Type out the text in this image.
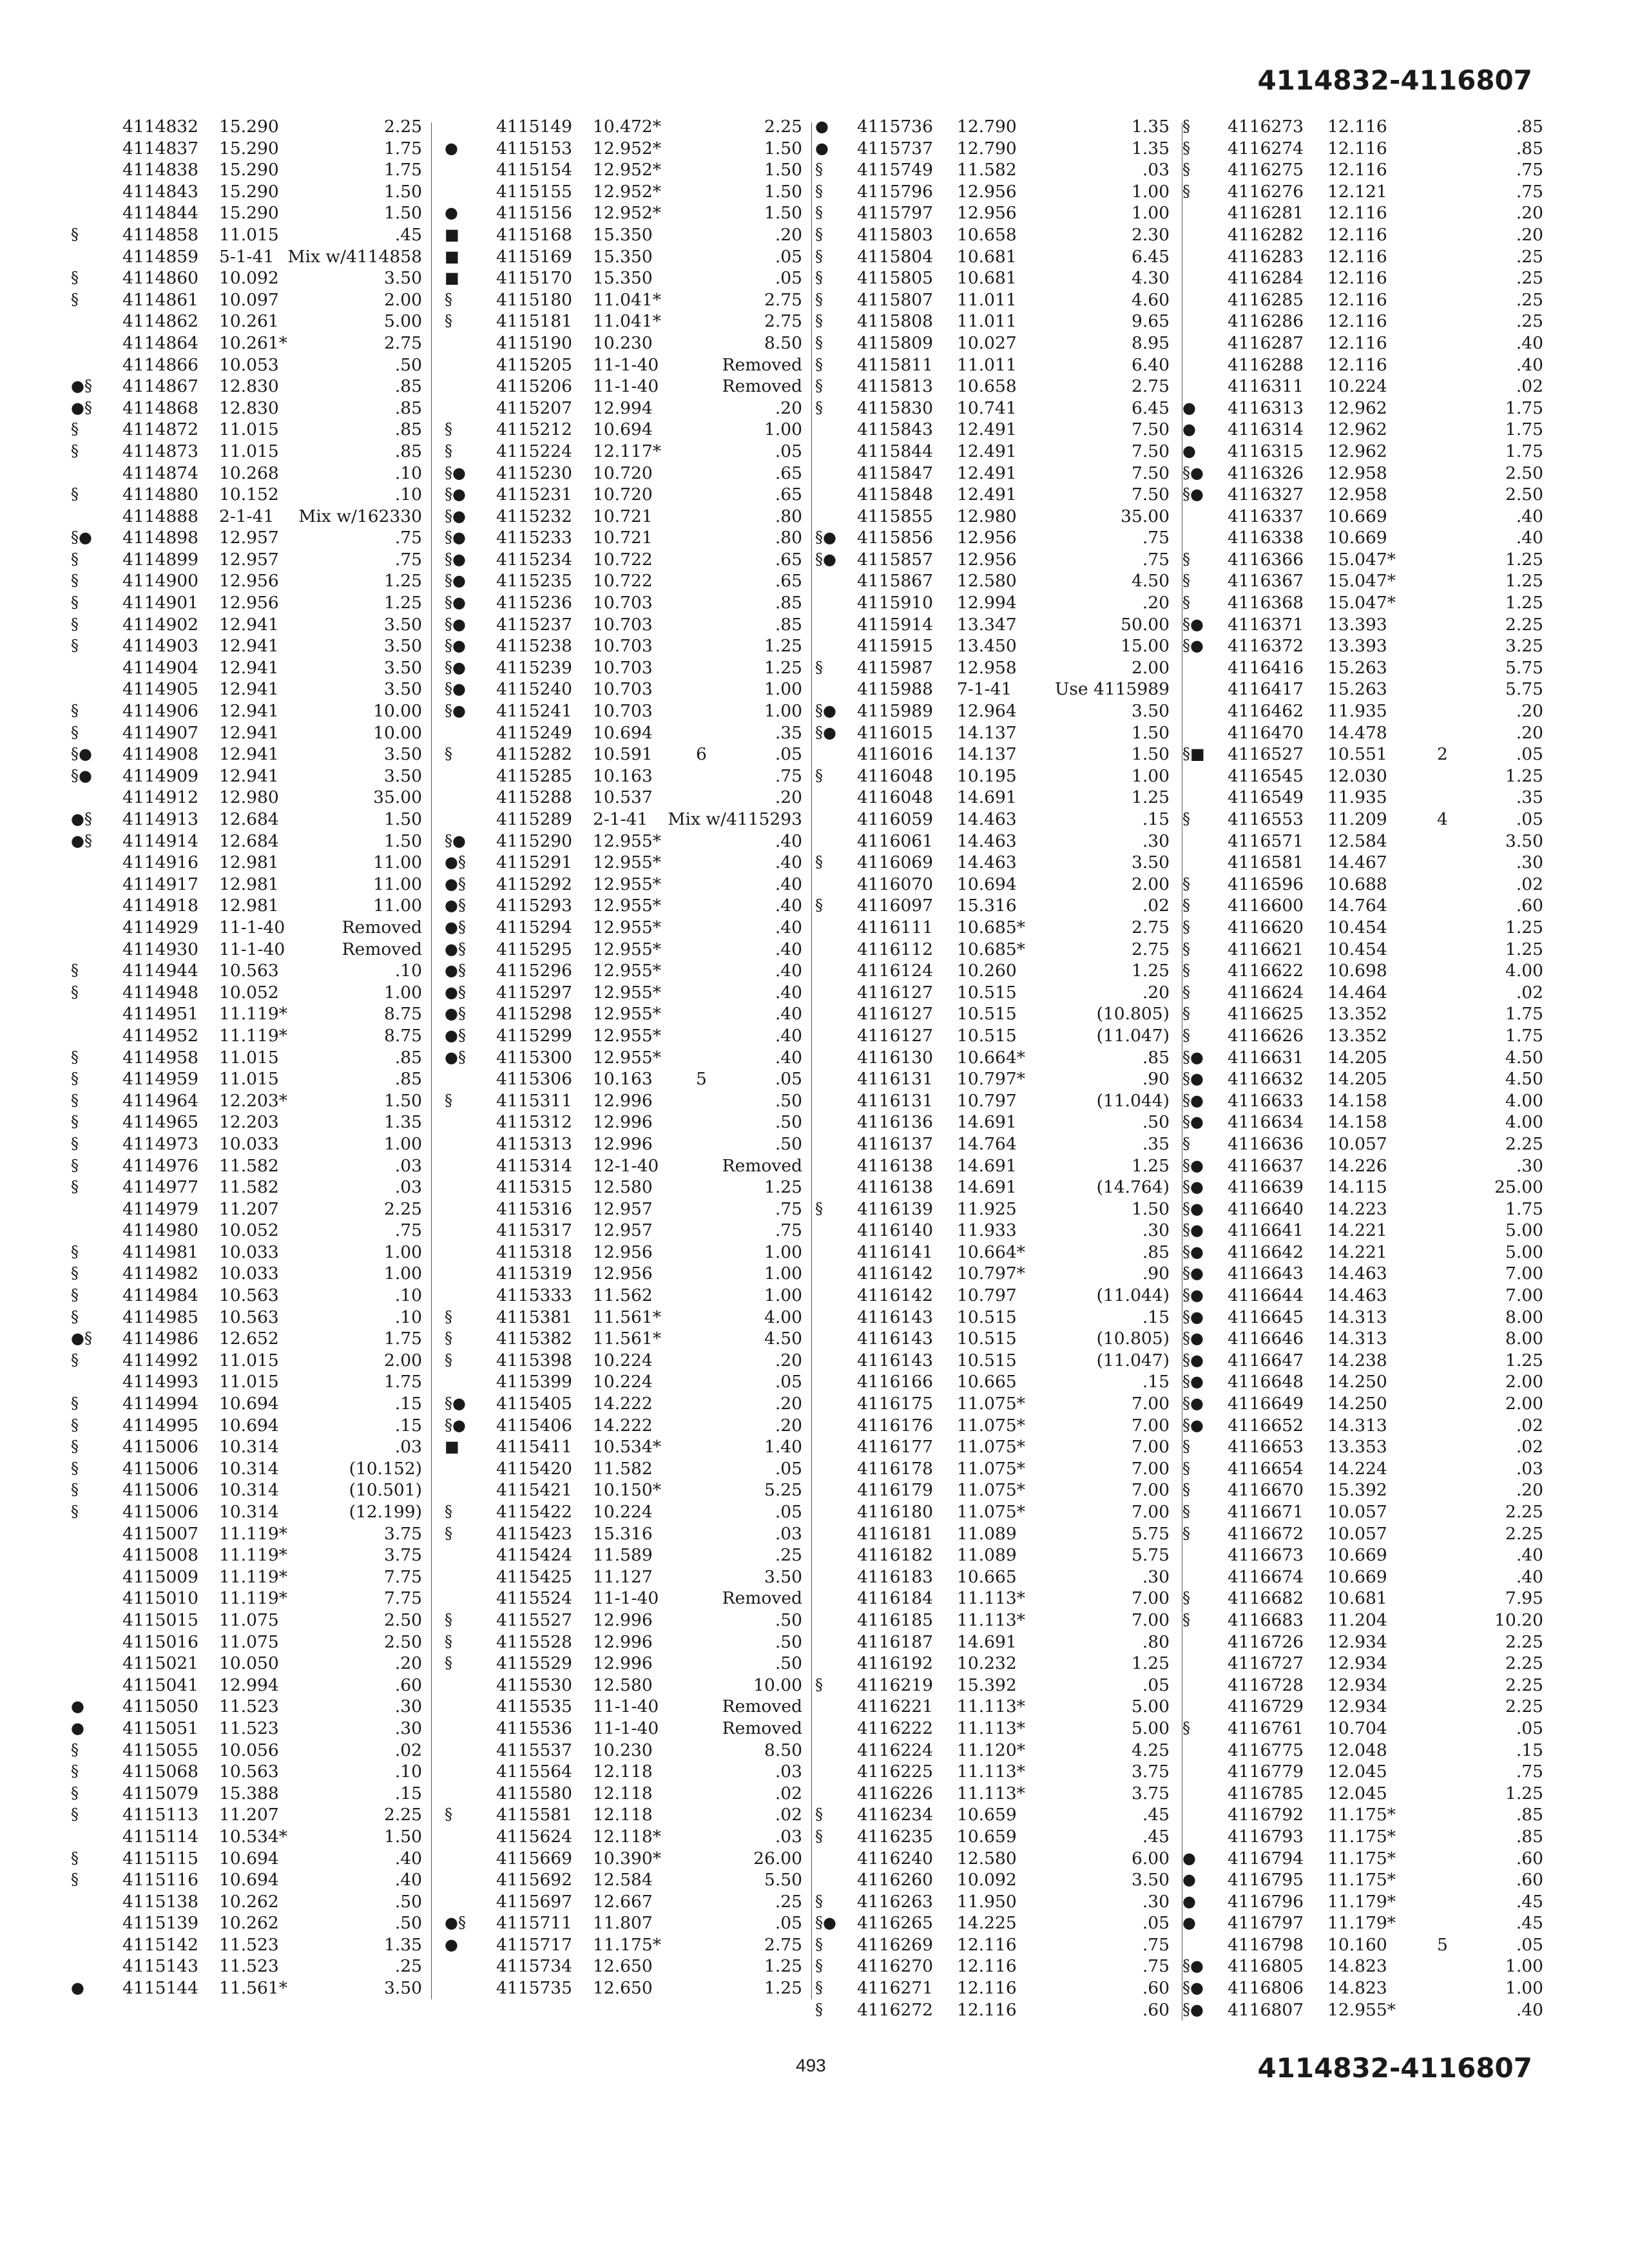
4114832-4116807
4114832 15.290	2.25
4114837 15.290	1.75
4114838 15.290	1.75
4114843 15.290	1.50
4114844 15.290	1.50
§	4114858 11.015	.45
4114859 5-1-41 Mix w/4114858
§	4114860 10.092	3.50
§	4114861 10.097	2.00
4114862 10.261	5.00
4114864 10.261*	2.75
4114866 10.053	.50
●§	4114867 12.830	.85
●§	4114868 12.830	.85
§	4114872 11.015	.85
§	4114873 11.015	.85
4114874 10.268	.10
§	4114880 10.152	.10
4114888 2-1-41 Mix w/162330
§●	4114898 12.957	.75
§	4114899 12.957	.75
§	4114900 12.956	1.25
§	4114901 12.956	1.25
§	4114902 12.941	3.50
§	4114903 12.941	3.50
4114904 12.941	3.50
4114905 12.941	3.50
§	4114906 12.941	10.00
§	4114907 12.941	10.00
§●	4114908 12.941	3.50
§●	4114909 12.941	3.50
4114912 12.980	35.00
●§	4114913 12.684	1.50
●§	4114914 12.684	1.50
4114916 12.981	11.00
4114917 12.981	11.00
4114918 12.981	11.00
4114929 11-1-40	Removed
4114930 11-1-40	Removed
§	4114944 10.563	.10
§	4114948 10.052	1.00
4114951 11.119*	8.75
4114952 11.119*	8.75
§	4114958 11.015	.85
§	4114959 11.015	.85
§	4114964 12.203*	1.50
§	4114965 12.203	1.35
§	4114973 10.033	1.00
§	4114976 11.582	.03
§	4114977 11.582	.03
4114979 11.207	2.25
4114980 10.052	.75
§	4114981 10.033	1.00
§	4114982 10.033	1.00
§	4114984 10.563	.10
§	4114985 10.563	.10
●§	4114986 12.652	1.75
§	4114992 11.015	2.00
4114993 11.015	1.75
§	4114994 10.694	.15
§	4114995 10.694	.15
§	4115006 10.314	.03
§	4115006 10.314	(10.152)
§	4115006 10.314	(10.501)
§	4115006 10.314	(12.199)
4115007 11.119*	3.75
4115008 11.119*	3.75
4115009 11.119*	7.75
4115010 11.119*	7.75
4115015 11.075	2.50
4115016 11.075	2.50
4115021 10.050	.20
4115041 12.994	.60
●	4115050 11.523	.30
●	4115051 11.523	.30
§	4115055 10.056	.02
§	4115068 10.563	.10
§	4115079 15.388	.15
§	4115113 11.207	2.25
4115114 10.534*	1.50
§	4115115 10.694	.40
§	4115116 10.694	.40
4115138 10.262	.50
4115139 10.262	.50
4115142 11.523	1.35
4115143 11.523	.25
●	4115144 11.561*	3.50
4115149 10.472*	2.25
●	4115153 12.952*	1.50
4115154 12.952*	1.50
4115155 12.952*	1.50
●	4115156 12.952*	1.50
■	4115168 15.350	.20
■	4115169 15.350	.05
■	4115170 15.350	.05
§	4115180 11.041*	2.75
§	4115181 11.041*	2.75
4115190 10.230	8.50
4115205 11-1-40	Removed
4115206 11-1-40	Removed
4115207 12.994	.20
§	4115212 10.694	1.00
§	4115224 12.117*	.05
§●	4115230 10.720	.65
§●	4115231 10.720	.65
§●	4115232 10.721	.80
§●	4115233 10.721	.80
§●	4115234 10.722	.65
§●	4115235 10.722	.65
§●	4115236 10.703	.85
§●	4115237 10.703	.85
§●	4115238 10.703	1.25
§●	4115239 10.703	1.25
§●	4115240 10.703	1.00
§●	4115241 10.703	1.00
4115249 10.694	.35
§	4115282 10.591	6	.05
4115285 10.163	.75
4115288 10.537	.20
4115289 2-1-41 Mix w/4115293
§●	4115290 12.955*	.40
●§	4115291 12.955*	.40
●§	4115292 12.955*	.40
●§	4115293 12.955*	.40
●§	4115294 12.955*	.40
●§	4115295 12.955*	.40
●§	4115296 12.955*	.40
●§	4115297 12.955*	.40
●§	4115298 12.955*	.40
●§	4115299 12.955*	.40
●§	4115300 12.955*	.40
4115306 10.163	5	.05
§	4115311 12.996	.50
4115312 12.996	.50
4115313 12.996	.50
4115314 12-1-40	Removed
4115315 12.580	1.25
4115316 12.957	.75
4115317 12.957	.75
4115318 12.956	1.00
4115319 12.956	1.00
4115333 11.562	1.00
§	4115381 11.561*	4.00
§	4115382 11.561*	4.50
§	4115398 10.224	.20
4115399 10.224	.05
§●	4115405 14.222	.20
§●	4115406 14.222	.20
■	4115411 10.534*	1.40
4115420 11.582	.05
4115421 10.150*	5.25
§	4115422 10.224	.05
§	4115423 15.316	.03
4115424 11.589	.25
4115425 11.127	3.50
4115524 11-1-40	Removed
§	4115527 12.996	.50
§	4115528 12.996	.50
§	4115529 12.996	.50
4115530 12.580	10.00
4115535 11-1-40	Removed
4115536 11-1-40	Removed
4115537 10.230	8.50
4115564 12.118	.03
4115580 12.118	.02
§	4115581 12.118	.02
4115624 12.118*	.03
4115669 10.390*	26.00
4115692 12.584	5.50
4115697 12.667	.25
●§	4115711 11.807	.05
●	4115717 11.175*	2.75
4115734 12.650	1.25
4115735 12.650	1.25
●	4115736 12.790	1.35
●	4115737 12.790	1.35
§	4115749 11.582	.03
§	4115796 12.956	1.00
§	4115797 12.956	1.00
§	4115803 10.658	2.30
§	4115804 10.681	6.45
§	4115805 10.681	4.30
§	4115807 11.011	4.60
§	4115808 11.011	9.65
§	4115809 10.027	8.95
§	4115811 11.011	6.40
§	4115813 10.658	2.75
§	4115830 10.741	6.45
4115843 12.491	7.50
4115844 12.491	7.50
4115847 12.491	7.50
4115848 12.491	7.50
4115855 12.980	35.00
§●	4115856 12.956	.75
§●	4115857 12.956	.75
4115867 12.580	4.50
4115910 12.994	.20
4115914 13.347	50.00
4115915 13.450	15.00
§	4115987 12.958	2.00
4115988 7-1-41	Use 4115989
§●	4115989 12.964	3.50
§●	4116015 14.137	1.50
4116016 14.137	1.50
§	4116048 10.195	1.00
4116048 14.691	1.25
4116059 14.463	.15
4116061 14.463	.30
§	4116069 14.463	3.50
4116070 10.694	2.00
§	4116097 15.316	.02
4116111 10.685*	2.75
4116112 10.685*	2.75
4116124 10.260	1.25
4116127 10.515	.20
4116127 10.515	(10.805)
4116127 10.515	(11.047)
4116130 10.664*	.85
4116131 10.797*	.90
4116131 10.797	(11.044)
4116136 14.691	.50
4116137 14.764	.35
4116138 14.691	1.25
4116138 14.691	(14.764)
§	4116139 11.925	1.50
4116140 11.933	.30
4116141 10.664*	.85
4116142 10.797*	.90
4116142 10.797	(11.044)
4116143 10.515	.15
4116143 10.515	(10.805)
4116143 10.515	(11.047)
4116166 10.665	.15
4116175 11.075*	7.00
4116176 11.075*	7.00
4116177 11.075*	7.00
4116178 11.075*	7.00
4116179 11.075*	7.00
4116180 11.075*	7.00
4116181 11.089	5.75
4116182 11.089	5.75
4116183 10.665	.30
4116184 11.113*	7.00
4116185 11.113*	7.00
4116187 14.691	.80
4116192 10.232	1.25
§	4116219 15.392	.05
4116221 11.113*	5.00
4116222 11.113*	5.00
4116224 11.120*	4.25
4116225 11.113*	3.75
4116226 11.113*	3.75
§	4116234 10.659	.45
§	4116235 10.659	.45
4116240 12.580	6.00
4116260 10.092	3.50
§	4116263 11.950	.30
§●	4116265 14.225	.05
§	4116269 12.116	.75
§	4116270 12.116	.75
§	4116271 12.116	.60
§	4116272 12.116	.60
§	4116273 12.116	.85
§	4116274 12.116	.85
§	4116275 12.116	.75
§	4116276 12.121	.75
4116281 12.116	.20
4116282 12.116	.20
4116283 12.116	.25
4116284 12.116	.25
4116285 12.116	.25
4116286 12.116	.25
4116287 12.116	.40
4116288 12.116	.40
4116311 10.224	.02
●	4116313 12.962	1.75
●	4116314 12.962	1.75
●	4116315 12.962	1.75
§●	4116326 12.958	2.50
§●	4116327 12.958	2.50
4116337 10.669	.40
4116338 10.669	.40
§	4116366 15.047*	1.25
§	4116367 15.047*	1.25
§	4116368 15.047*	1.25
§●	4116371 13.393	2.25
§●	4116372 13.393	3.25
4116416 15.263	5.75
4116417 15.263	5.75
4116462 11.935	.20
4116470 14.478	.20
§■	4116527 10.551	2	.05
4116545 12.030	1.25
4116549 11.935	.35
§	4116553 11.209	4	.05
4116571 12.584	3.50
4116581 14.467	.30
§	4116596 10.688	.02
§	4116600 14.764	.60
§	4116620 10.454	1.25
§	4116621 10.454	1.25
§	4116622 10.698	4.00
§	4116624 14.464	.02
§	4116625 13.352	1.75
§	4116626 13.352	1.75
§●	4116631 14.205	4.50
§●	4116632 14.205	4.50
§●	4116633 14.158	4.00
§●	4116634 14.158	4.00
§	4116636 10.057	2.25
§●	4116637 14.226	.30
§●	4116639 14.115	25.00
§●	4116640 14.223	1.75
§●	4116641 14.221	5.00
§●	4116642 14.221	5.00
§●	4116643 14.463	7.00
§●	4116644 14.463	7.00
§●	4116645 14.313	8.00
§●	4116646 14.313	8.00
§●	4116647 14.238	1.25
§●	4116648 14.250	2.00
§●	4116649 14.250	2.00
§●	4116652 14.313	.02
§	4116653 13.353	.02
§	4116654 14.224	.03
§	4116670 15.392	.20
§	4116671 10.057	2.25
§	4116672 10.057	2.25
4116673 10.669	.40
4116674 10.669	.40
§	4116682 10.681	7.95
§	4116683 11.204	10.20
4116726 12.934	2.25
4116727 12.934	2.25
4116728 12.934	2.25
4116729 12.934	2.25
§	4116761 10.704	.05
4116775 12.048	.15
4116779 12.045	.75
4116785 12.045	1.25
4116792 11.175*	.85
4116793 11.175*	.85
●	4116794 11.175*	.60
●	4116795 11.175*	.60
●	4116796 11.179*	.45
●	4116797 11.179*	.45
4116798 10.160	5	.05
§●	4116805 14.823	1.00
§●	4116806 14.823	1.00
§●	4116807 12.955*	.40
493	4114832-4116807
